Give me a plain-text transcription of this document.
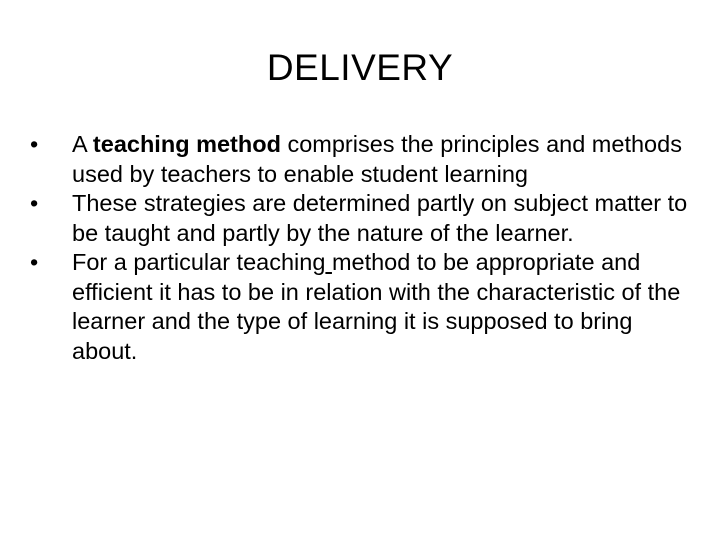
DELIVERY
•	A teaching method comprises the principles and methods used by teachers to enable student learning
•	These strategies are determined partly on subject matter to be taught and partly by the nature of the learner.
•	For a particular teaching method to be appropriate and efficient it has to be in relation with the characteristic of the learner and the type of learning it is supposed to bring about.
